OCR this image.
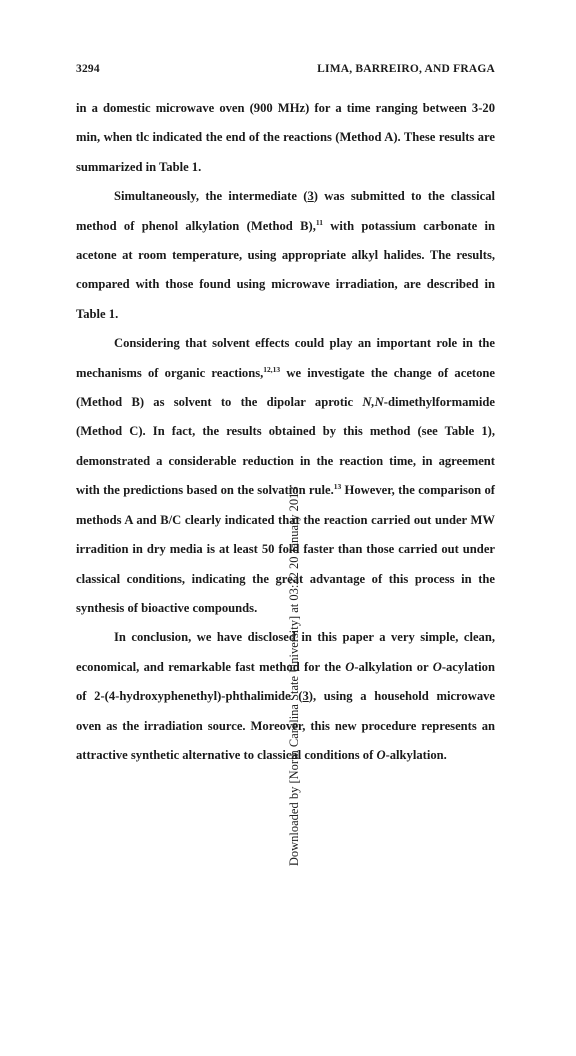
Downloaded by [North Carolina State University] at 03:22 20 January 2013
3294	LIMA, BARREIRO, AND FRAGA

in a domestic microwave oven (900 MHz) for a time ranging between 3-20 min, when tlc indicated the end of the reactions (Method A). These results are summarized in Table 1.

Simultaneously, the intermediate (3) was submitted to the classical method of phenol alkylation (Method B),$^{11}$ with potassium carbonate in acetone at room temperature, using appropriate alkyl halides. The results, compared with those found using microwave irradiation, are described in Table 1.

Considering that solvent effects could play an important role in the mechanisms of organic reactions,$^{12,13}$ we investigate the change of acetone (Method B) as solvent to the dipolar aprotic N,N-dimethylformamide (Method C). In fact, the results obtained by this method (see Table 1), demonstrated a considerable reduction in the reaction time, in agreement with the predictions based on the solvation rule.$^{13}$ However, the comparison of methods A and B/C clearly indicated that the reaction carried out under MW irradition in dry media is at least 50 fold faster than those carried out under classical conditions, indicating the great advantage of this process in the synthesis of bioactive compounds.

In conclusion, we have disclosed in this paper a very simple, clean, economical, and remarkable fast method for the O-alkylation or O-acylation of 2-(4-hydroxyphenethyl)-phthalimide (3), using a household microwave oven as the irradiation source. Moreover, this new procedure represents an attractive synthetic alternative to classical conditions of O-alkylation.
